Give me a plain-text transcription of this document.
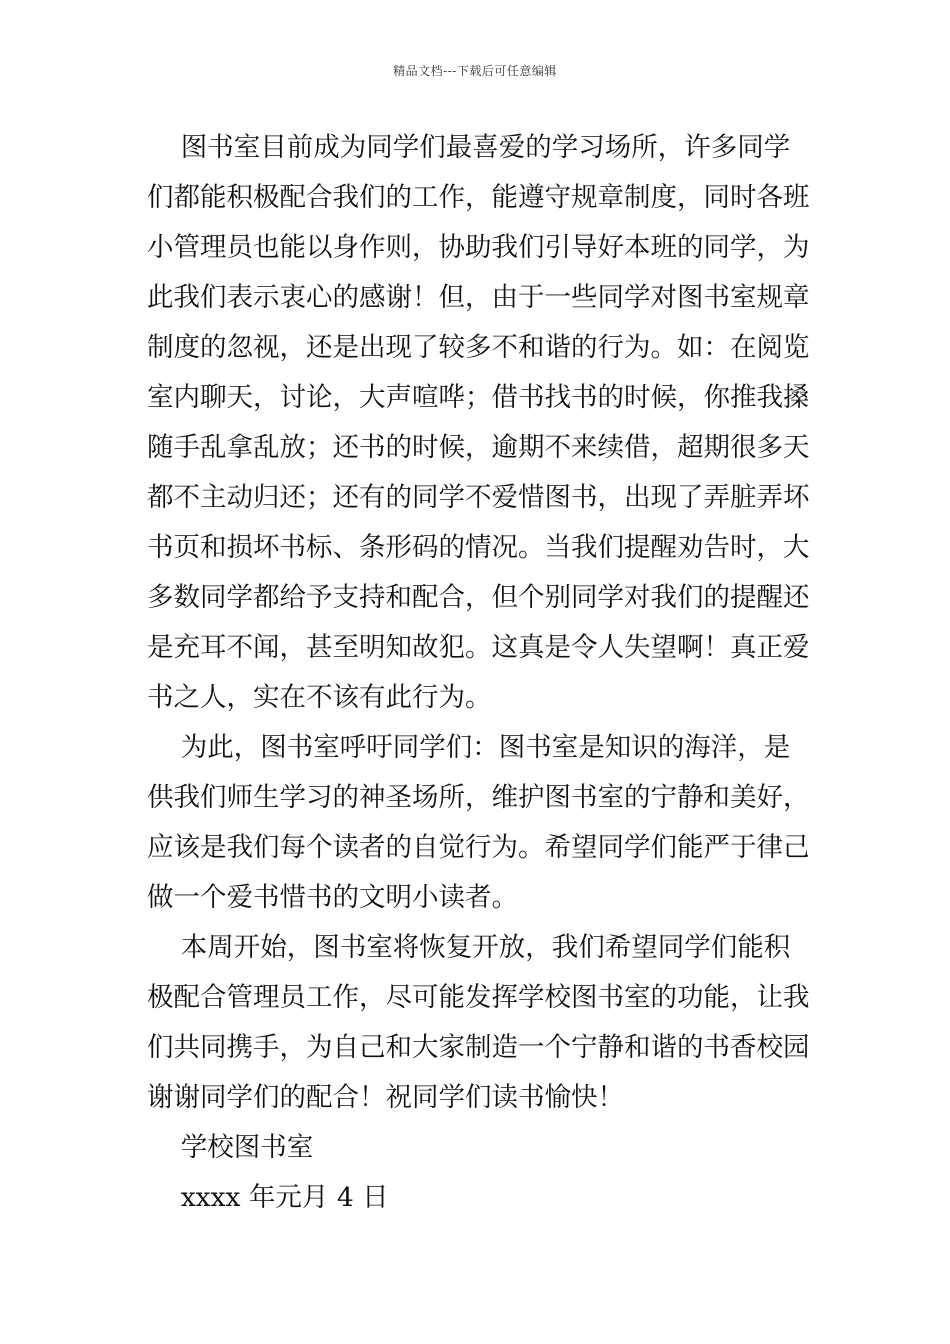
精品文档---下载后可任意编辑
图书室目前成为同学们最喜爱的学习场所，许多同学
们都能积极配合我们的工作，能遵守规章制度，同时各班
小管理员也能以身作则，协助我们引导好本班的同学，为
此我们表示衷心的感谢！但，由于一些同学对图书室规章
制度的忽视，还是出现了较多不和谐的行为。如：在阅览
室内聊天，讨论，大声喧哗；借书找书的时候，你推我搡
随手乱拿乱放；还书的时候，逾期不来续借，超期很多天
都不主动归还；还有的同学不爱惜图书，出现了弄脏弄坏
书页和损坏书标、条形码的情况。当我们提醒劝告时，大
多数同学都给予支持和配合，但个别同学对我们的提醒还
是充耳不闻，甚至明知故犯。这真是令人失望啊！真正爱
书之人，实在不该有此行为。
为此，图书室呼吁同学们：图书室是知识的海洋，是
供我们师生学习的神圣场所，维护图书室的宁静和美好，
应该是我们每个读者的自觉行为。希望同学们能严于律己
做一个爱书惜书的文明小读者。
本周开始，图书室将恢复开放，我们希望同学们能积
极配合管理员工作，尽可能发挥学校图书室的功能，让我
们共同携手，为自己和大家制造一个宁静和谐的书香校园
谢谢同学们的配合！祝同学们读书愉快！
学校图书室
xxxx 年元月 4 日
